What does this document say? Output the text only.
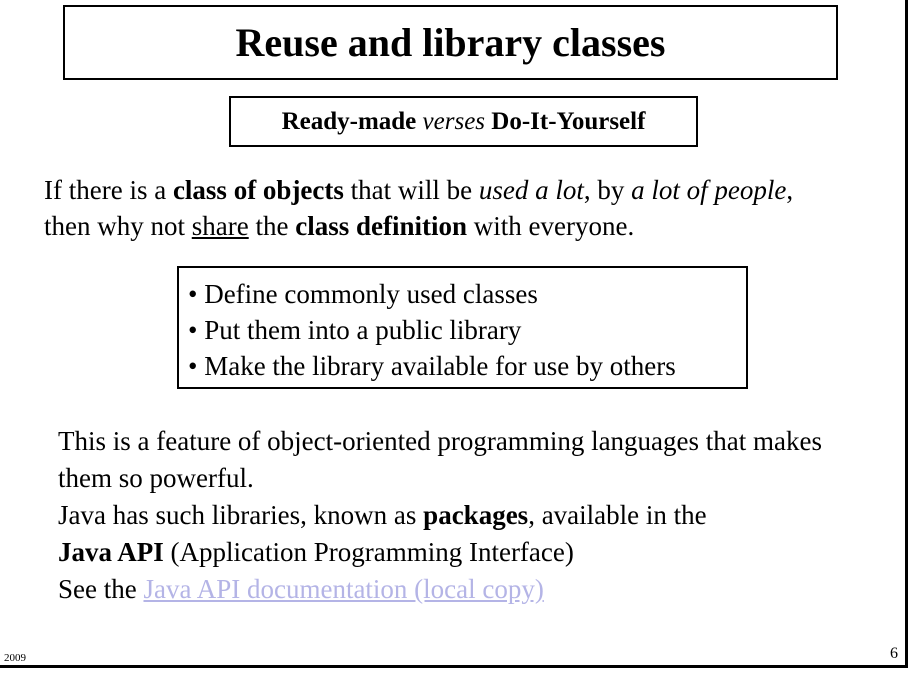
Reuse and library classes
Ready-made
verses
Do-It-Yourself
If there is a class of objects that will be used a lot, by a lot of people, then why not share the class definition with everyone.
• Define commonly used classes
• Put them into a public library
• Make the library available for use by others
This is a feature of object-oriented programming languages that makes them so powerful.
Java has such libraries, known as packages, available in the
Java API (Application Programming Interface)
See the Java API documentation (local copy)
2009	6
